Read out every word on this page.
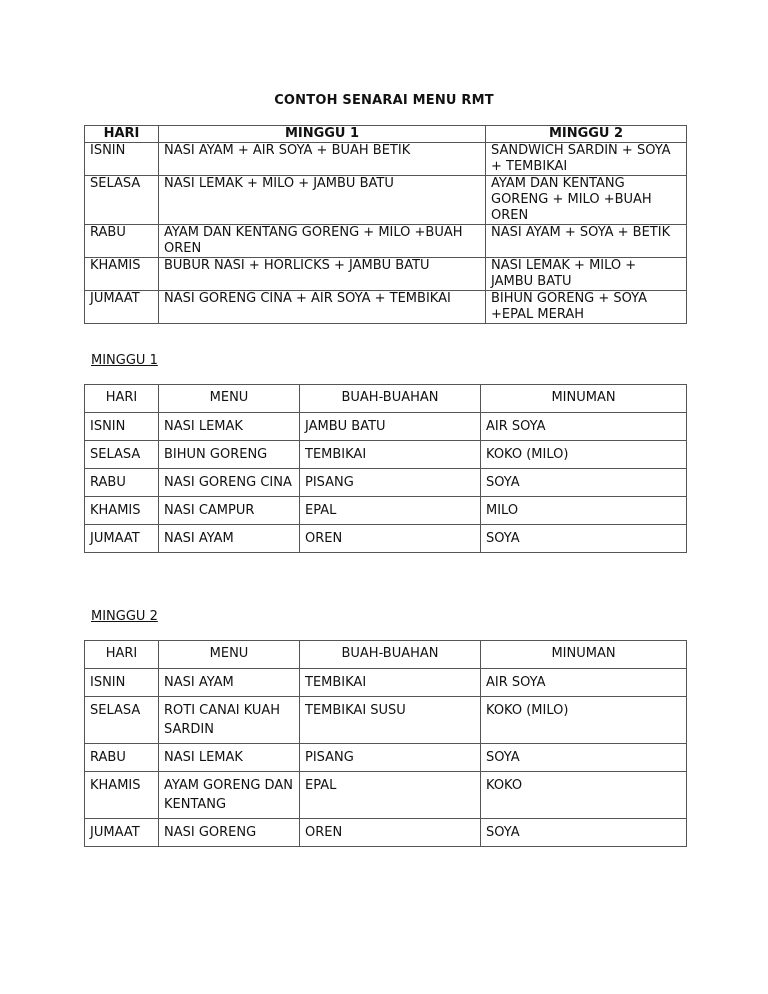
CONTOH SENARAI MENU RMT
HARI	MINGGU 1	MINGGU 2
ISNIN	NASI AYAM + AIR SOYA + BUAH BETIK	SANDWICH SARDIN + SOYA + TEMBIKAI
SELASA	NASI LEMAK + MILO + JAMBU BATU	AYAM DAN KENTANG GORENG + MILO +BUAH OREN
RABU	AYAM DAN KENTANG GORENG + MILO +BUAH OREN	NASI AYAM + SOYA + BETIK
KHAMIS	BUBUR NASI + HORLICKS + JAMBU BATU	NASI LEMAK + MILO + JAMBU BATU
JUMAAT	NASI GORENG CINA + AIR SOYA + TEMBIKAI	BIHUN GORENG + SOYA +EPAL MERAH
MINGGU 1
HARI	MENU	BUAH-BUAHAN	MINUMAN
ISNIN	NASI LEMAK	JAMBU BATU	AIR SOYA
SELASA	BIHUN GORENG	TEMBIKAI	KOKO (MILO)
RABU	NASI GORENG CINA	PISANG	SOYA
KHAMIS	NASI CAMPUR	EPAL	MILO
JUMAAT	NASI AYAM	OREN	SOYA
MINGGU 2
HARI	MENU	BUAH-BUAHAN	MINUMAN
ISNIN	NASI AYAM	TEMBIKAI	AIR SOYA
SELASA	ROTI CANAI KUAH SARDIN	TEMBIKAI SUSU	KOKO (MILO)
RABU	NASI LEMAK	PISANG	SOYA
KHAMIS	AYAM GORENG DAN KENTANG	EPAL	KOKO
JUMAAT	NASI GORENG	OREN	SOYA
